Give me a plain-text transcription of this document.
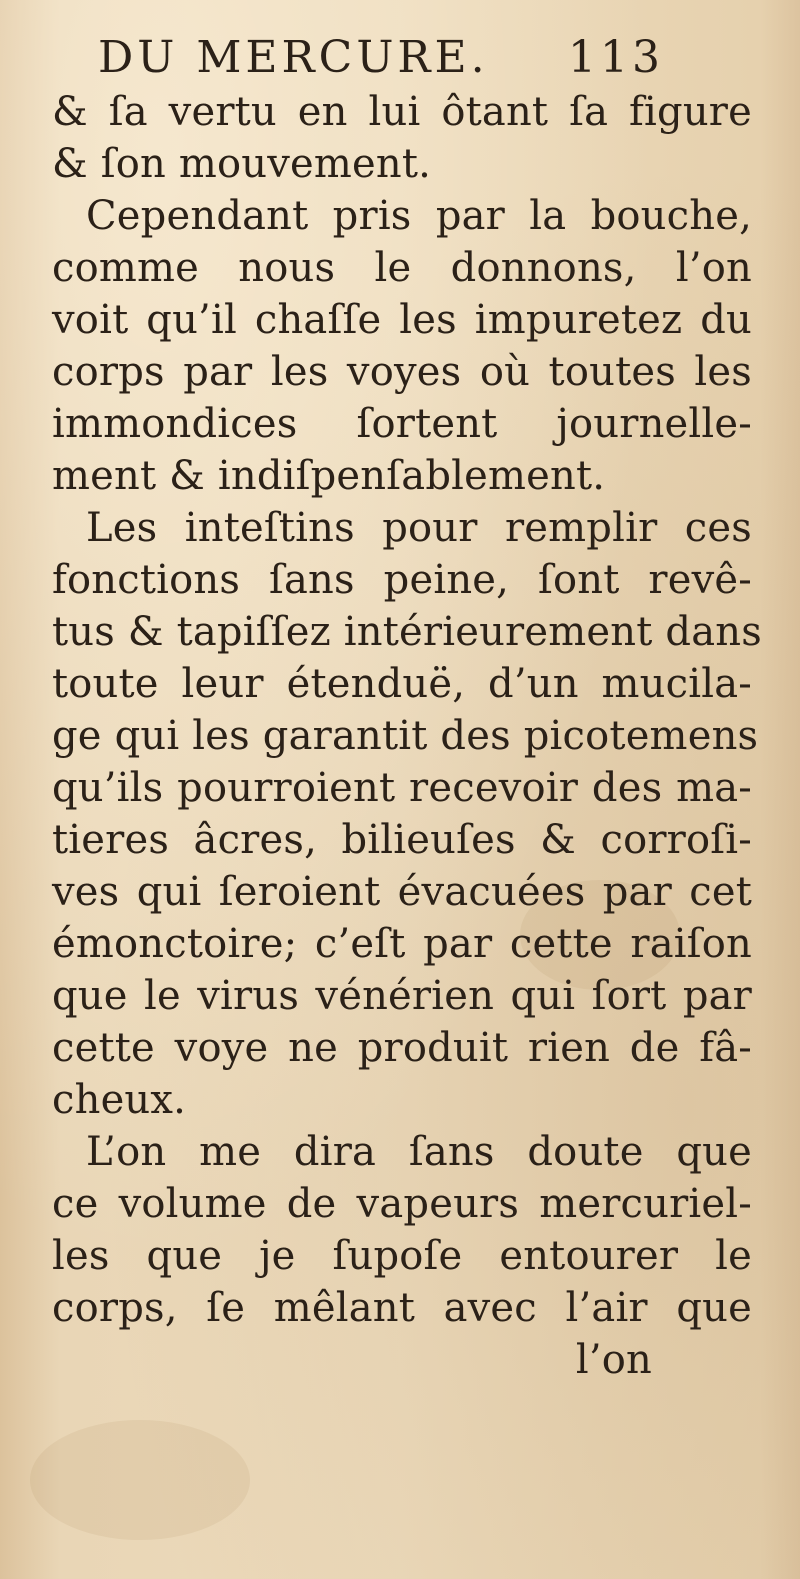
DU MERCURE. 113
& ſa vertu en lui ôtant ſa figure
& ſon mouvement.
Cependant pris par la bouche,
comme nous le donnons, l’on
voit qu’il chaſſe les impuretez du
corps par les voyes où toutes les
immondices ſortent journelle-
ment & indiſpenſablement.
Les inteſtins pour remplir ces
fonctions ſans peine, ſont revê-
tus & tapiſſez intérieurement dans
toute leur étenduë, d’un mucila-
ge qui les garantit des picotemens
qu’ils pourroient recevoir des ma-
tieres âcres, bilieuſes & corroſi-
ves qui ſeroient évacuées par cet
émonctoire; c’eſt par cette raiſon
que le virus vénérien qui ſort par
cette voye ne produit rien de fâ-
cheux.
L’on me dira ſans doute que
ce volume de vapeurs mercuriel-
les que je ſupoſe entourer le
corps, ſe mêlant avec l’air que
l’on
